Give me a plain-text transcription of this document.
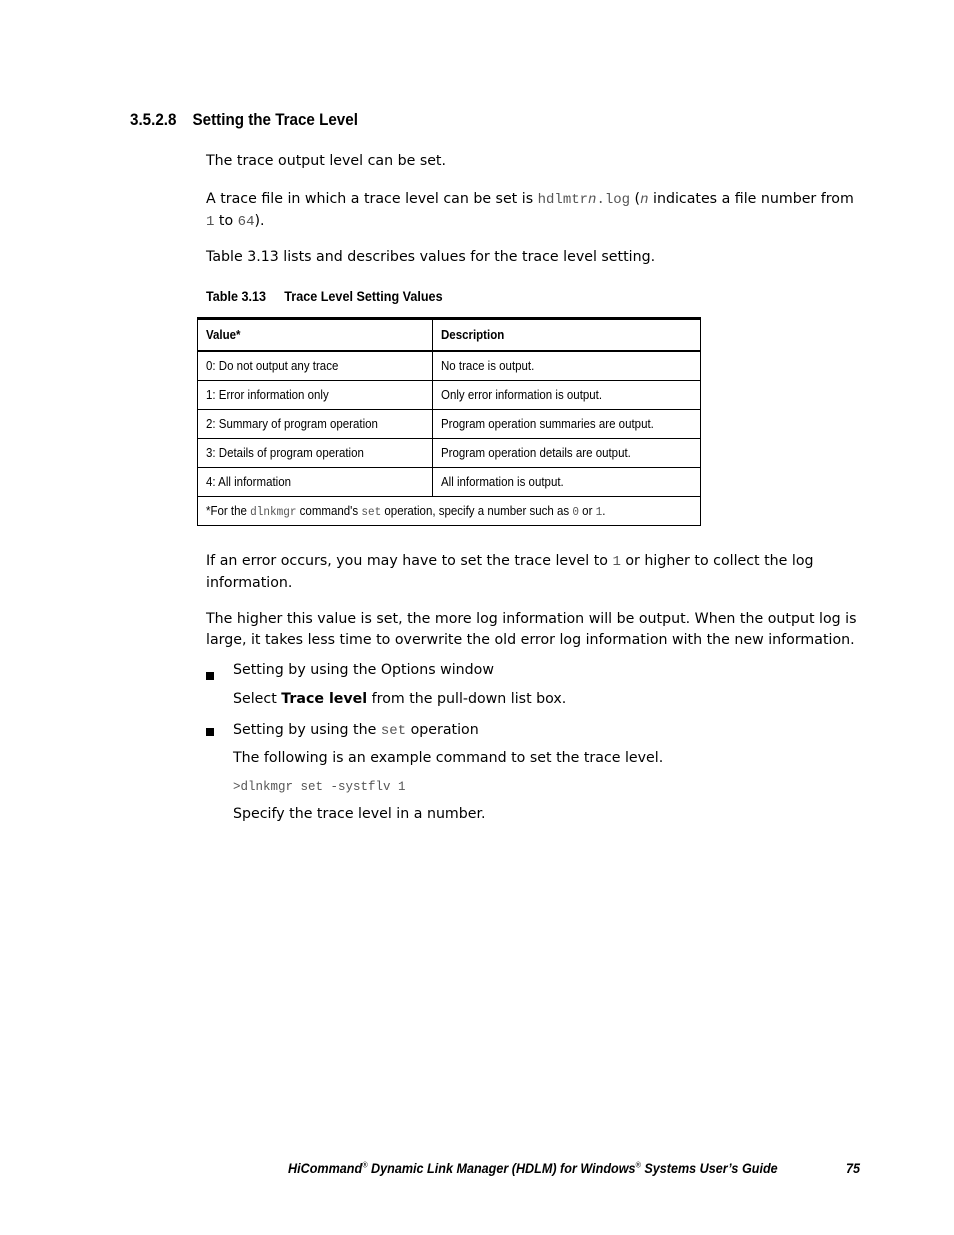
3.5.2.8 Setting the Trace Level
The trace output level can be set.
A trace file in which a trace level can be set is hdlmtrn.log (n indicates a file number from 1 to 64).
Table 3.13 lists and describes values for the trace level setting.
Table 3.13 Trace Level Setting Values
Value*	Description
0: Do not output any trace	No trace is output.
1: Error information only	Only error information is output.
2: Summary of program operation	Program operation summaries are output.
3: Details of program operation	Program operation details are output.
4: All information	All information is output.
*For the dlnkmgr command's set operation, specify a number such as 0 or 1.	
If an error occurs, you may have to set the trace level to 1 or higher to collect the log information.
The higher this value is set, the more log information will be output. When the output log is large, it takes less time to overwrite the old error log information with the new information.
Setting by using the Options window
Select Trace level from the pull-down list box.
Setting by using the set operation
The following is an example command to set the trace level.
>dlnkmgr set -systflv 1
Specify the trace level in a number.
HiCommand® Dynamic Link Manager (HDLM) for Windows® Systems User’s Guide	75
